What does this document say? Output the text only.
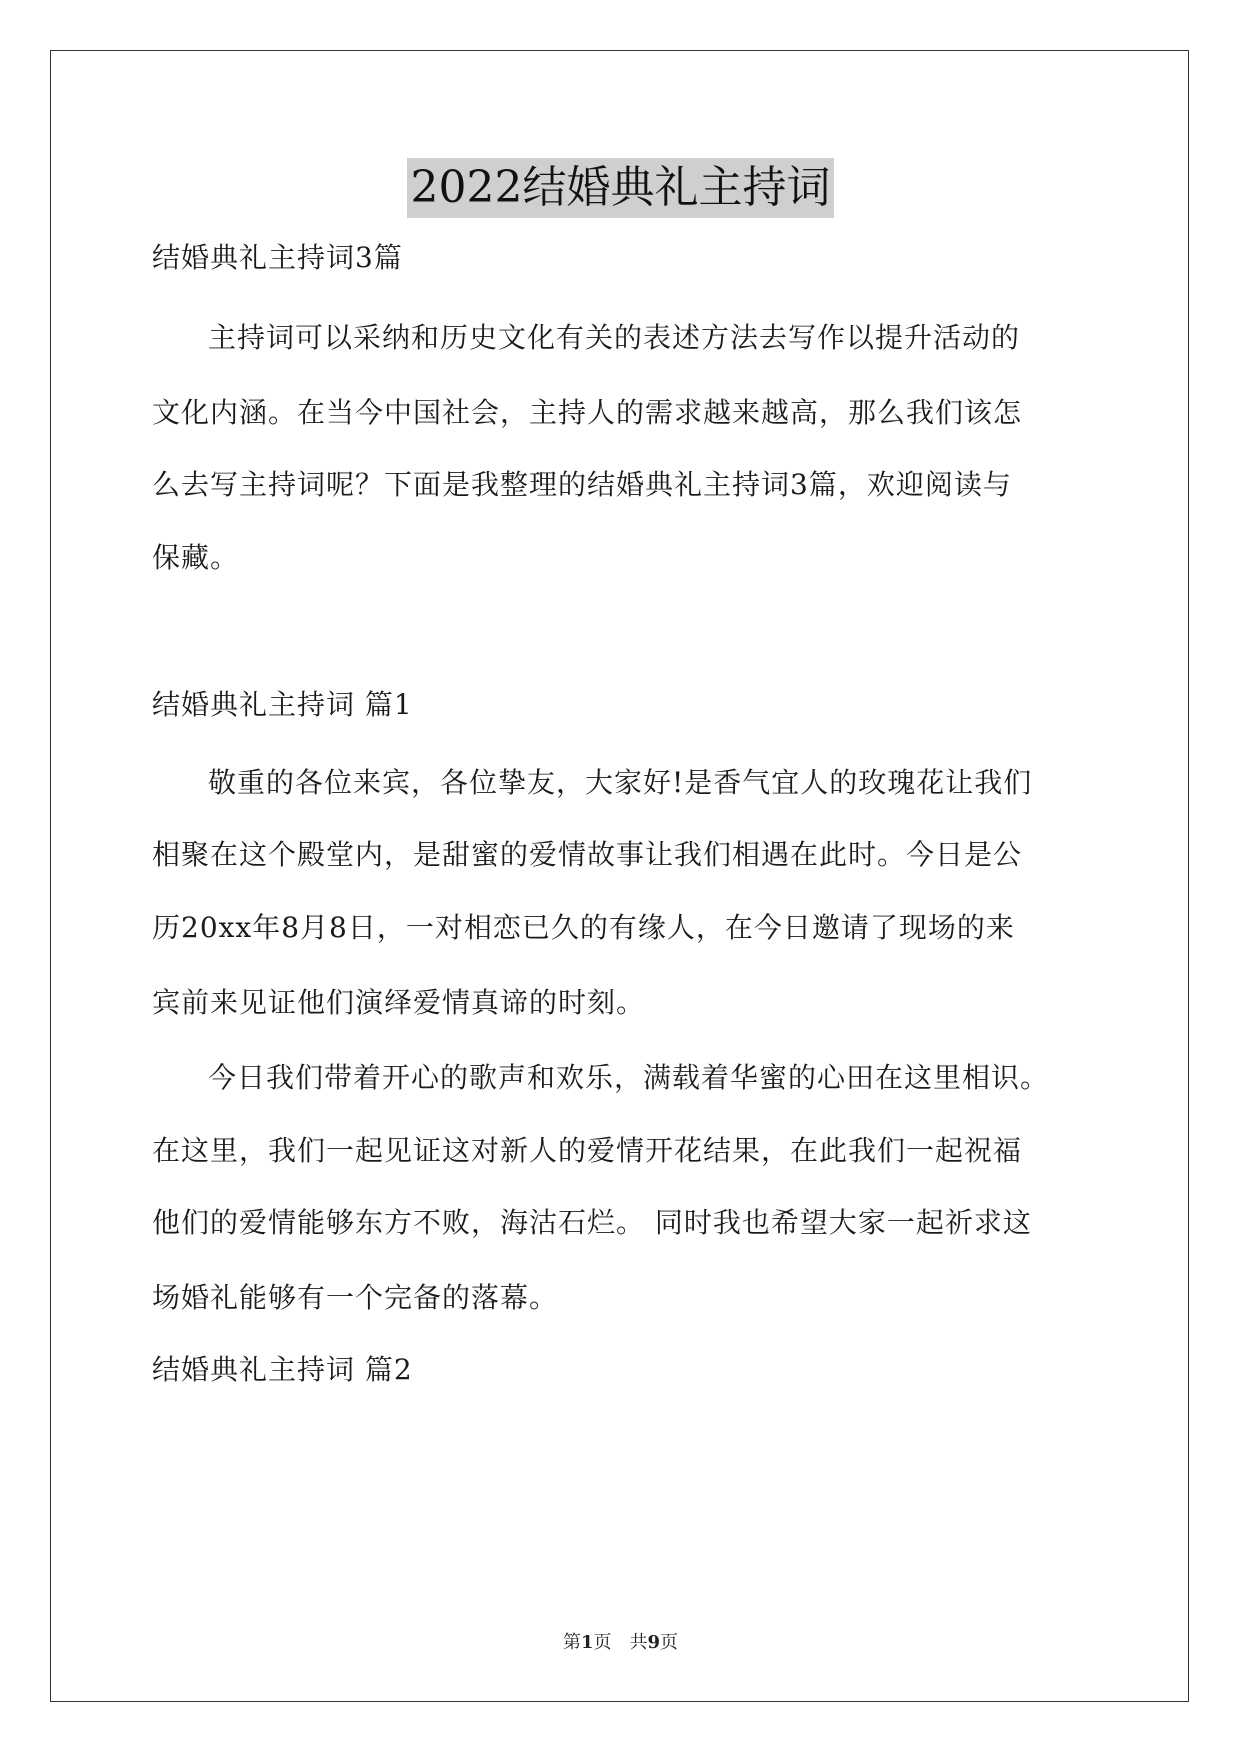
2022结婚典礼主持词
结婚典礼主持词3篇
主持词可以采纳和历史文化有关的表述方法去写作以提升活动的
文化内涵。在当今中国社会，主持人的需求越来越高，那么我们该怎
么去写主持词呢？下面是我整理的结婚典礼主持词3篇，欢迎阅读与
保藏。
结婚典礼主持词 篇1
敬重的各位来宾，各位挚友，大家好!是香气宜人的玫瑰花让我们
相聚在这个殿堂内，是甜蜜的爱情故事让我们相遇在此时。今日是公
历20xx年8月8日，一对相恋已久的有缘人，在今日邀请了现场的来
宾前来见证他们演绎爱情真谛的时刻。
今日我们带着开心的歌声和欢乐，满载着华蜜的心田在这里相识。
在这里，我们一起见证这对新人的爱情开花结果，在此我们一起祝福
他们的爱情能够东方不败，海沽石烂。 同时我也希望大家一起祈求这
场婚礼能够有一个完备的落幕。
结婚典礼主持词 篇2
第1页　共9页
